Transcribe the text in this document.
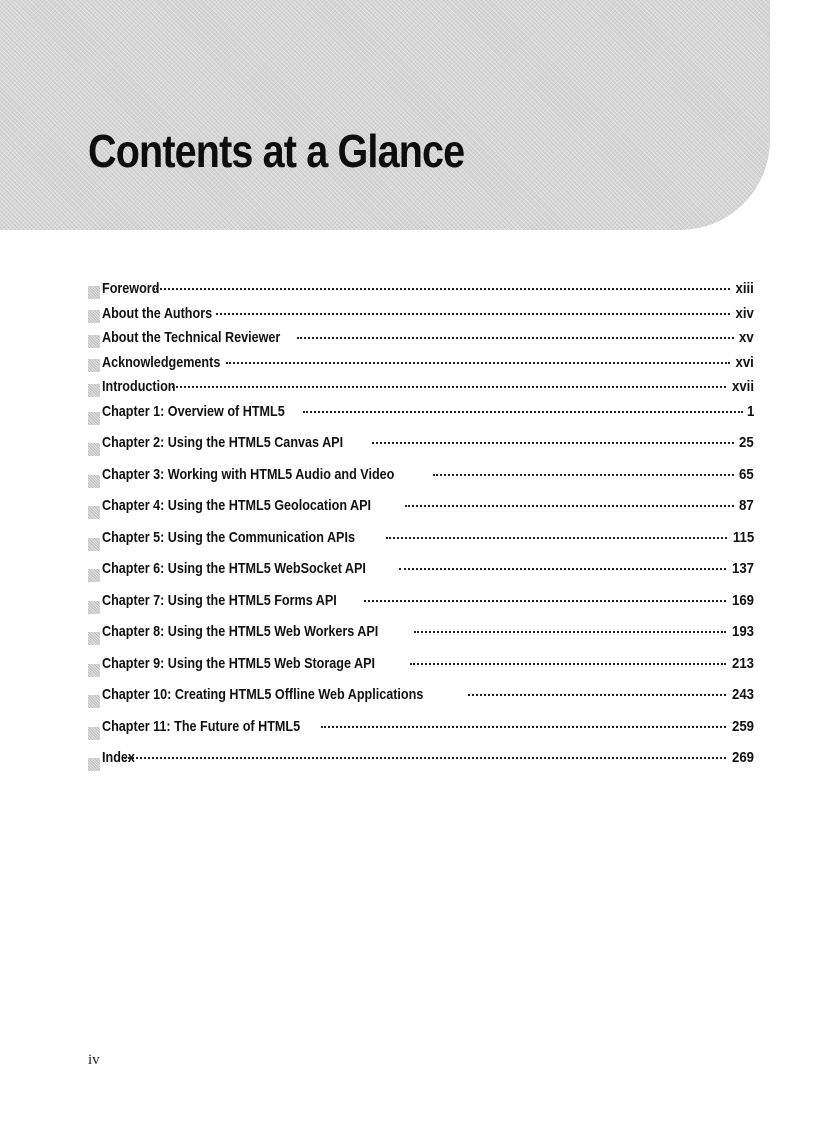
Contents at a Glance
Foreword	xiii
About the Authors	xiv
About the Technical Reviewer	xv
Acknowledgements	xvi
Introduction	xvii
Chapter 1: Overview of HTML5	1
Chapter 2: Using the HTML5 Canvas API	25
Chapter 3: Working with HTML5 Audio and Video	65
Chapter 4: Using the HTML5 Geolocation API	87
Chapter 5: Using the Communication APIs	115
Chapter 6: Using the HTML5 WebSocket API	137
Chapter 7: Using the HTML5 Forms API	169
Chapter 8: Using the HTML5 Web Workers API	193
Chapter 9: Using the HTML5 Web Storage API	213
Chapter 10: Creating HTML5 Offline Web Applications	243
Chapter 11: The Future of HTML5	259
Index	269
iv
